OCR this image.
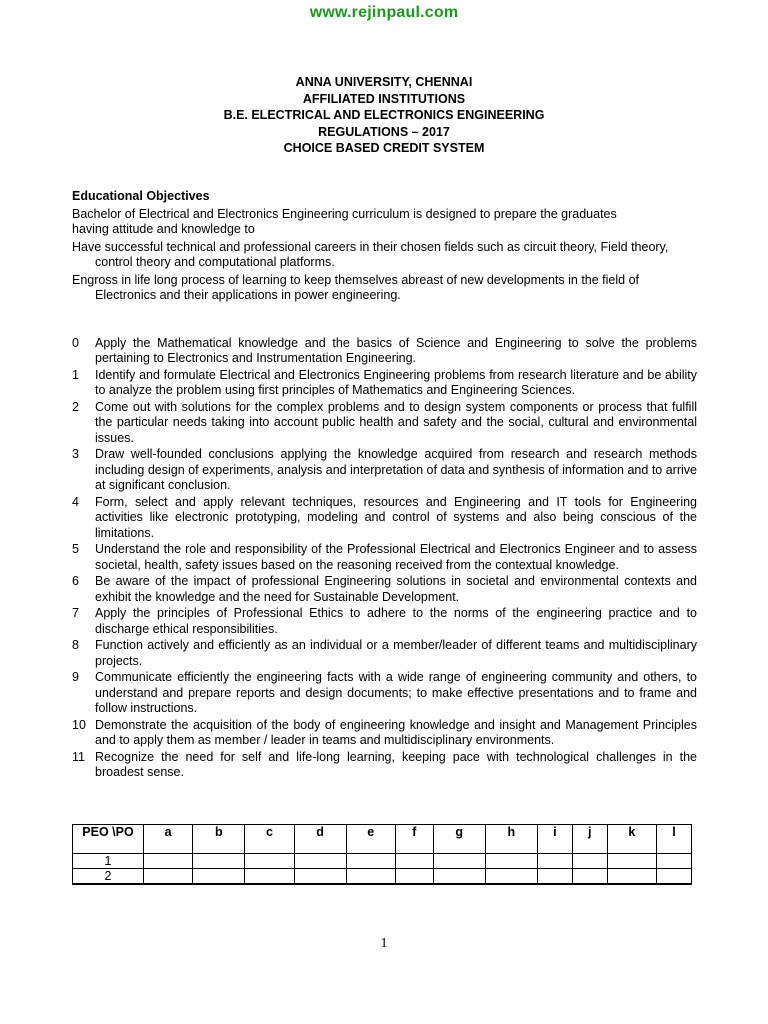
www.rejinpaul.com
ANNA UNIVERSITY, CHENNAI
AFFILIATED INSTITUTIONS
B.E. ELECTRICAL AND ELECTRONICS ENGINEERING
REGULATIONS – 2017
CHOICE BASED CREDIT SYSTEM
Educational Objectives
Bachelor of Electrical and Electronics Engineering curriculum is designed to prepare the graduates having attitude and knowledge to
Have successful technical and professional careers in their chosen fields such as circuit theory, Field theory, control theory and computational platforms.
Engross in life long process of learning to keep themselves abreast of new developments in the field of Electronics and their applications in power engineering.
0	Apply the Mathematical knowledge and the basics of Science and Engineering to solve the problems pertaining to Electronics and Instrumentation Engineering.
1	Identify and formulate Electrical and Electronics Engineering problems from research literature and be ability to analyze the problem using first principles of Mathematics and Engineering Sciences.
2	Come out with solutions for the complex problems and to design system components or process that fulfill the particular needs taking into account public health and safety and the social, cultural and environmental issues.
3	Draw well-founded conclusions applying the knowledge acquired from research and research methods including design of experiments, analysis and interpretation of data and synthesis of information and to arrive at significant conclusion.
4	Form, select and apply relevant techniques, resources and Engineering and IT tools for Engineering activities like electronic prototyping, modeling and control of systems and also being conscious of the limitations.
5	Understand the role and responsibility of the Professional Electrical and Electronics Engineer and to assess societal, health, safety issues based on the reasoning received from the contextual knowledge.
6	Be aware of the impact of professional Engineering solutions in societal and environmental contexts and exhibit the knowledge and the need for Sustainable Development.
7	Apply the principles of Professional Ethics to adhere to the norms of the engineering practice and to discharge ethical responsibilities.
8	Function actively and efficiently as an individual or a member/leader of different teams and multidisciplinary projects.
9	Communicate efficiently the engineering facts with a wide range of engineering community and others, to understand and prepare reports and design documents; to make effective presentations and to frame and follow instructions.
10 Demonstrate the acquisition of the body of engineering knowledge and insight and Management Principles and to apply them as member / leader in teams and multidisciplinary environments.
11 Recognize the need for self and life-long learning, keeping pace with technological challenges in the broadest sense.
PEO \PO	a	b	c	d	e	f	g	h	i	j	k	l
1												
2												
1
